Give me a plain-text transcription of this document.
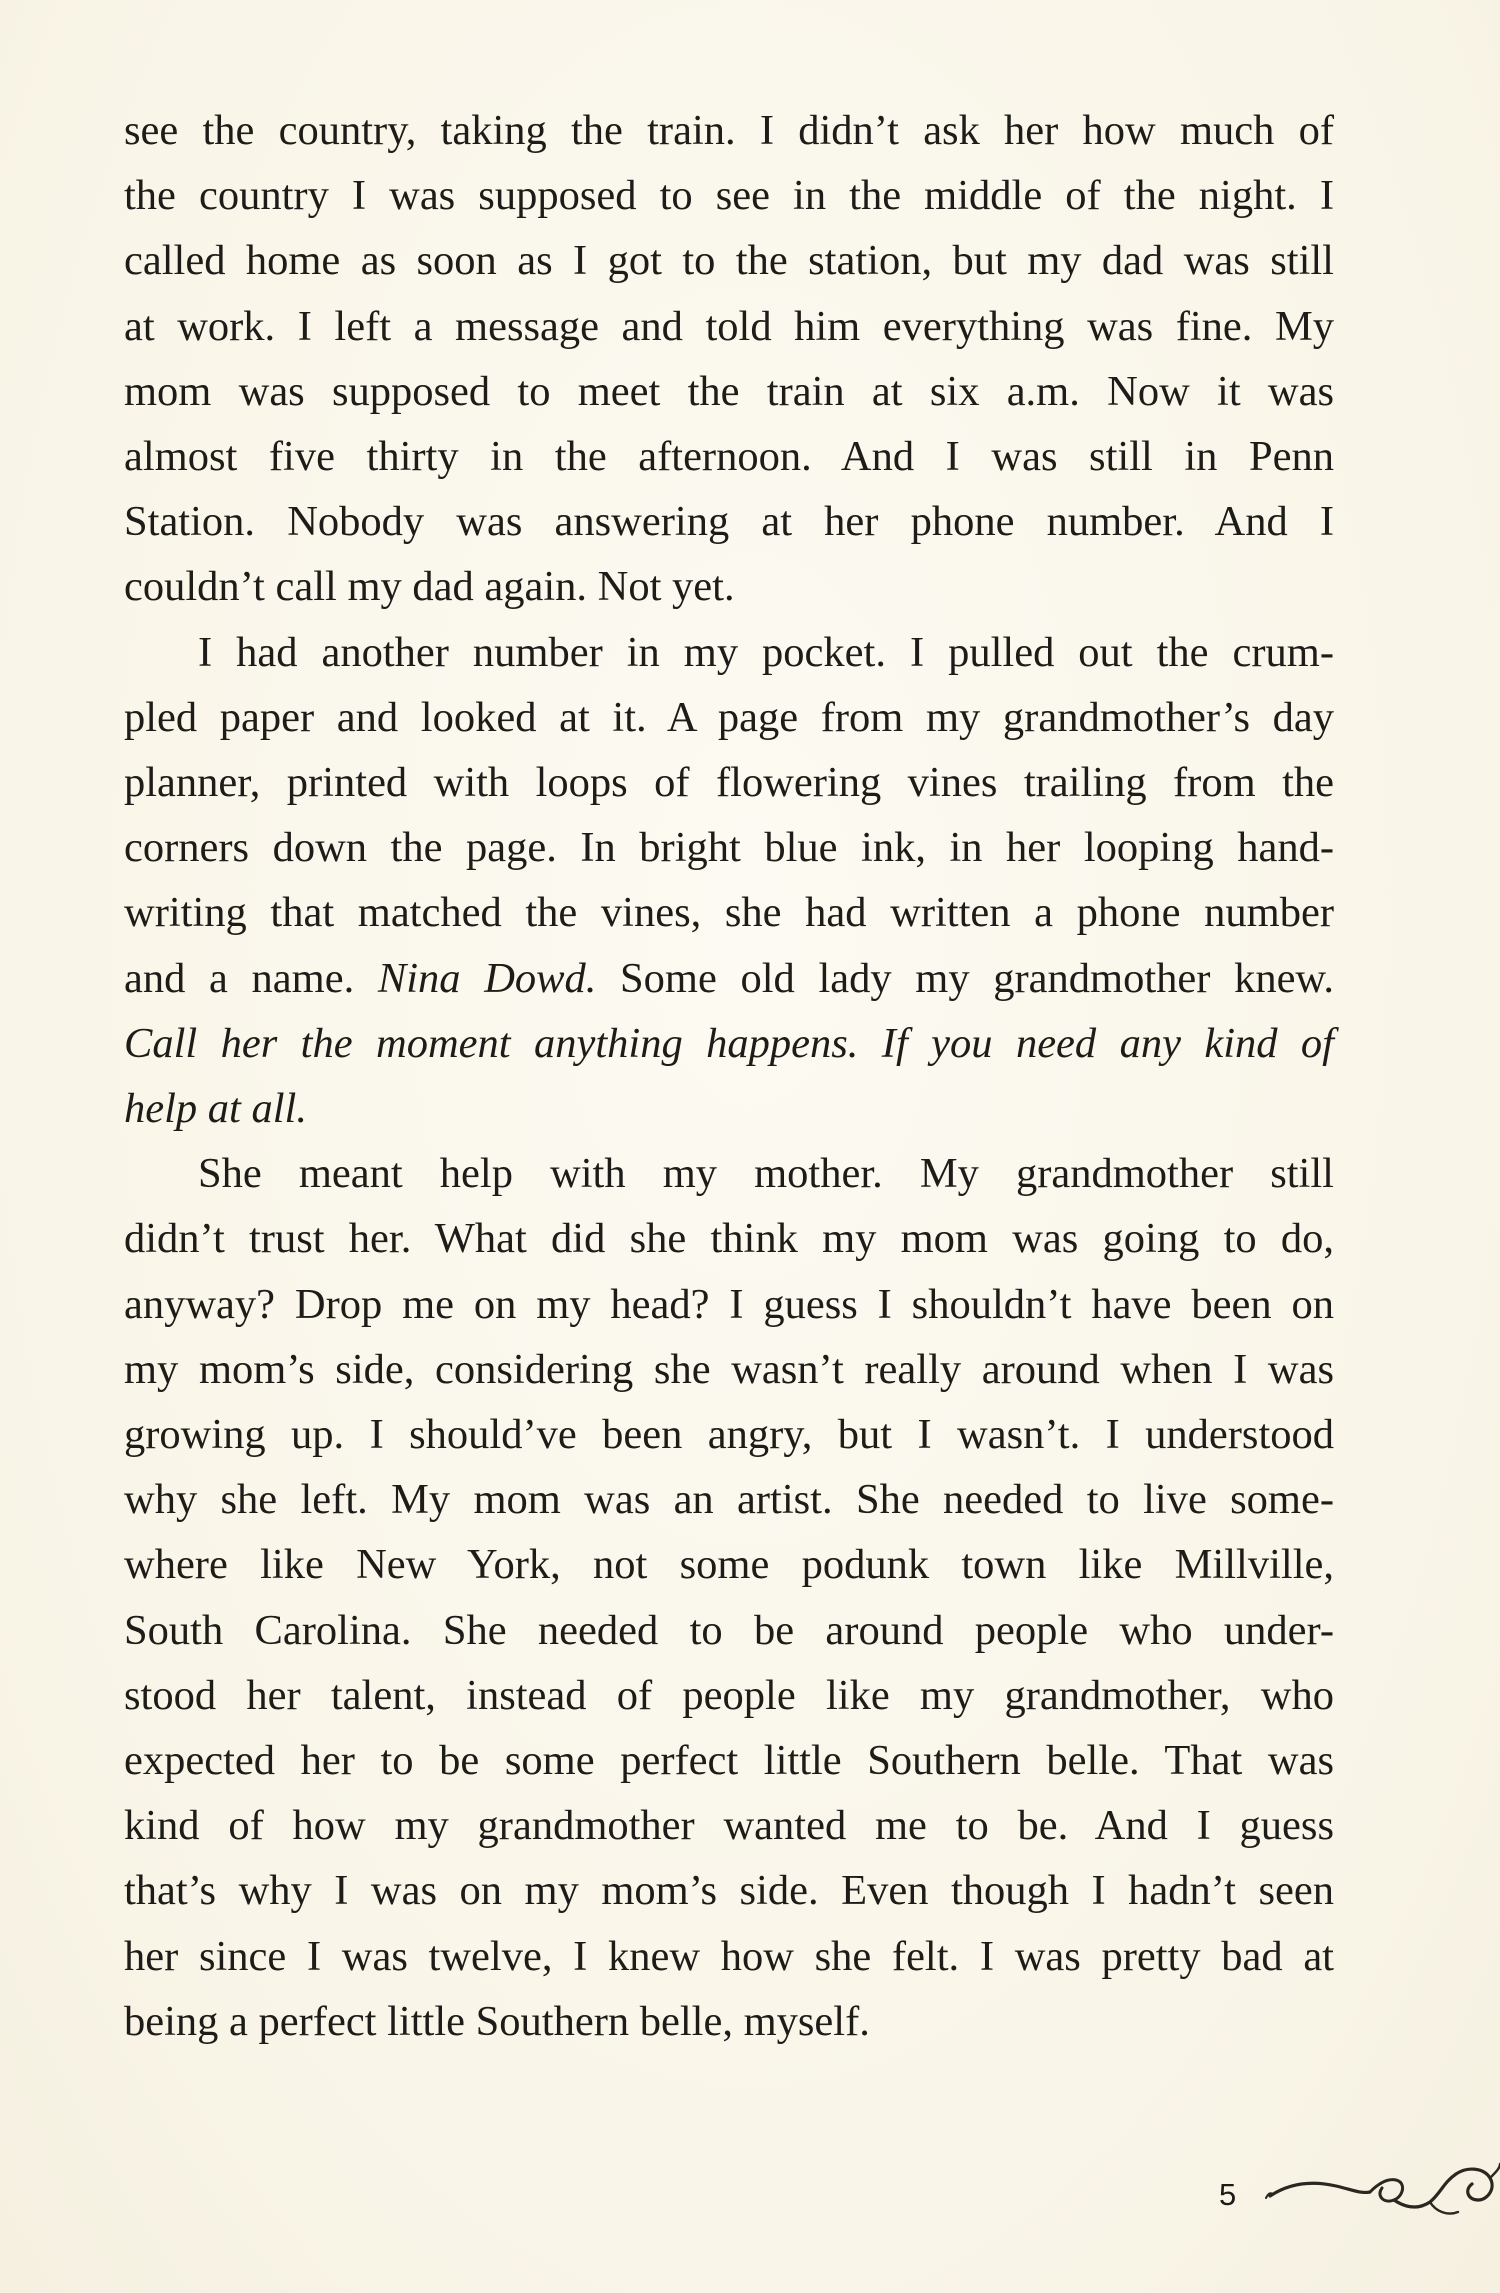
see the country, taking the train. I didn’t ask her how much of
the country I was supposed to see in the middle of the night. I
called home as soon as I got to the station, but my dad was still
at work. I left a message and told him everything was fine. My
mom was supposed to meet the train at six a.m. Now it was
almost five thirty in the afternoon. And I was still in Penn
Station. Nobody was answering at her phone number. And I
couldn’t call my dad again. Not yet.

I had another number in my pocket. I pulled out the crum-
pled paper and looked at it. A page from my grandmother’s day
planner, printed with loops of flowering vines trailing from the
corners down the page. In bright blue ink, in her looping hand-
writing that matched the vines, she had written a phone number
and a name. Nina Dowd. Some old lady my grandmother knew.
Call her the moment anything happens. If you need any kind of
help at all.

She meant help with my mother. My grandmother still
didn’t trust her. What did she think my mom was going to do,
anyway? Drop me on my head? I guess I shouldn’t have been on
my mom’s side, considering she wasn’t really around when I was
growing up. I should’ve been angry, but I wasn’t. I understood
why she left. My mom was an artist. She needed to live some-
where like New York, not some podunk town like Millville,
South Carolina. She needed to be around people who under-
stood her talent, instead of people like my grandmother, who
expected her to be some perfect little Southern belle. That was
kind of how my grandmother wanted me to be. And I guess
that’s why I was on my mom’s side. Even though I hadn’t seen
her since I was twelve, I knew how she felt. I was pretty bad at
being a perfect little Southern belle, myself.

5
